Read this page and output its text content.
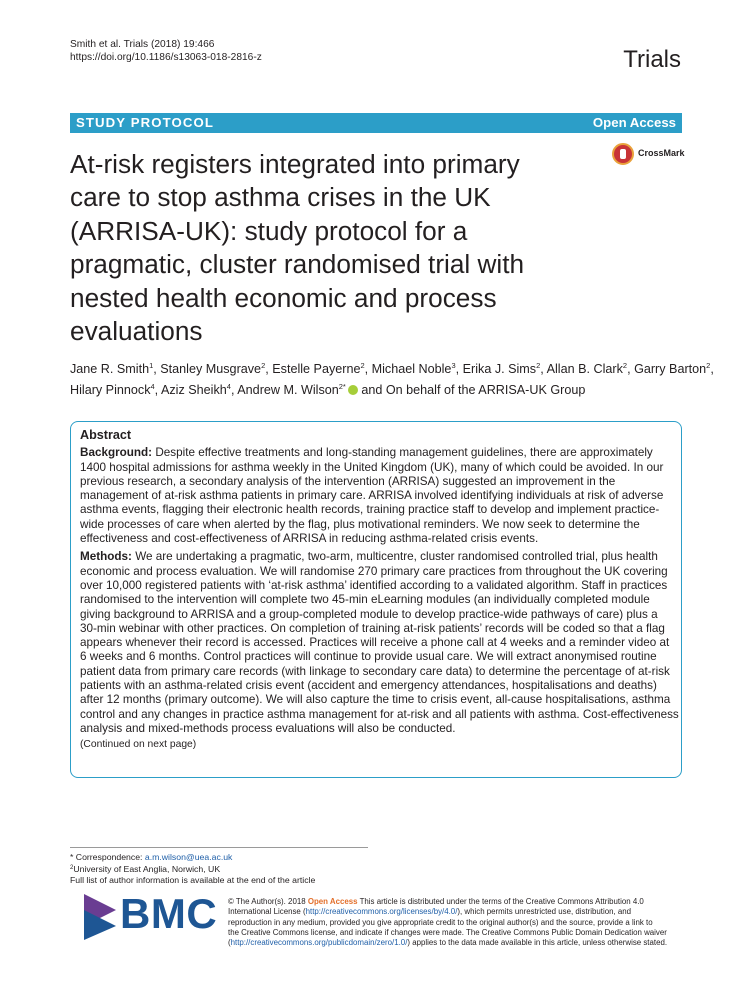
Smith et al. Trials (2018) 19:466
https://doi.org/10.1186/s13063-018-2816-z	Trials
STUDY PROTOCOL	Open Access
CrossMark
At-risk registers integrated into primary
care to stop asthma crises in the UK
(ARRISA-UK): study protocol for a
pragmatic, cluster randomised trial with
nested health economic and process
evaluations
Jane R. Smith$^1$, Stanley Musgrave$^2$, Estelle Payerne$^2$, Michael Noble$^3$, Erika J. Sims$^2$, Allan B. Clark$^2$, Garry Barton$^2$,
Hilary Pinnock$^4$, Aziz Sheikh$^4$, Andrew M. Wilson$^{2*}$ and On behalf of the ARRISA-UK Group
Abstract
Background: Despite effective treatments and long-standing management guidelines, there are approximately
1400 hospital admissions for asthma weekly in the United Kingdom (UK), many of which could be avoided. In our
previous research, a secondary analysis of the intervention (ARRISA) suggested an improvement in the
management of at-risk asthma patients in primary care. ARRISA involved identifying individuals at risk of adverse
asthma events, flagging their electronic health records, training practice staff to develop and implement practice-
wide processes of care when alerted by the flag, plus motivational reminders. We now seek to determine the
effectiveness and cost-effectiveness of ARRISA in reducing asthma-related crisis events.
Methods: We are undertaking a pragmatic, two-arm, multicentre, cluster randomised controlled trial, plus health
economic and process evaluation. We will randomise 270 primary care practices from throughout the UK covering
over 10,000 registered patients with ‘at-risk asthma’ identified according to a validated algorithm. Staff in practices
randomised to the intervention will complete two 45-min eLearning modules (an individually completed module
giving background to ARRISA and a group-completed module to develop practice-wide pathways of care) plus a
30-min webinar with other practices. On completion of training at-risk patients’ records will be coded so that a flag
appears whenever their record is accessed. Practices will receive a phone call at 4 weeks and a reminder video at
6 weeks and 6 months. Control practices will continue to provide usual care. We will extract anonymised routine
patient data from primary care records (with linkage to secondary care data) to determine the percentage of at-risk
patients with an asthma-related crisis event (accident and emergency attendances, hospitalisations and deaths)
after 12 months (primary outcome). We will also capture the time to crisis event, all-cause hospitalisations, asthma
control and any changes in practice asthma management for at-risk and all patients with asthma. Cost-effectiveness
analysis and mixed-methods process evaluations will also be conducted.
(Continued on next page)
* Correspondence: a.m.wilson@uea.ac.uk
$^2$University of East Anglia, Norwich, UK
Full list of author information is available at the end of the article
BMC © The Author(s). 2018 Open Access This article is distributed under the terms of the Creative Commons Attribution 4.0
International License (http://creativecommons.org/licenses/by/4.0/), which permits unrestricted use, distribution, and
reproduction in any medium, provided you give appropriate credit to the original author(s) and the source, provide a link to
the Creative Commons license, and indicate if changes were made. The Creative Commons Public Domain Dedication waiver
(http://creativecommons.org/publicdomain/zero/1.0/) applies to the data made available in this article, unless otherwise stated.
